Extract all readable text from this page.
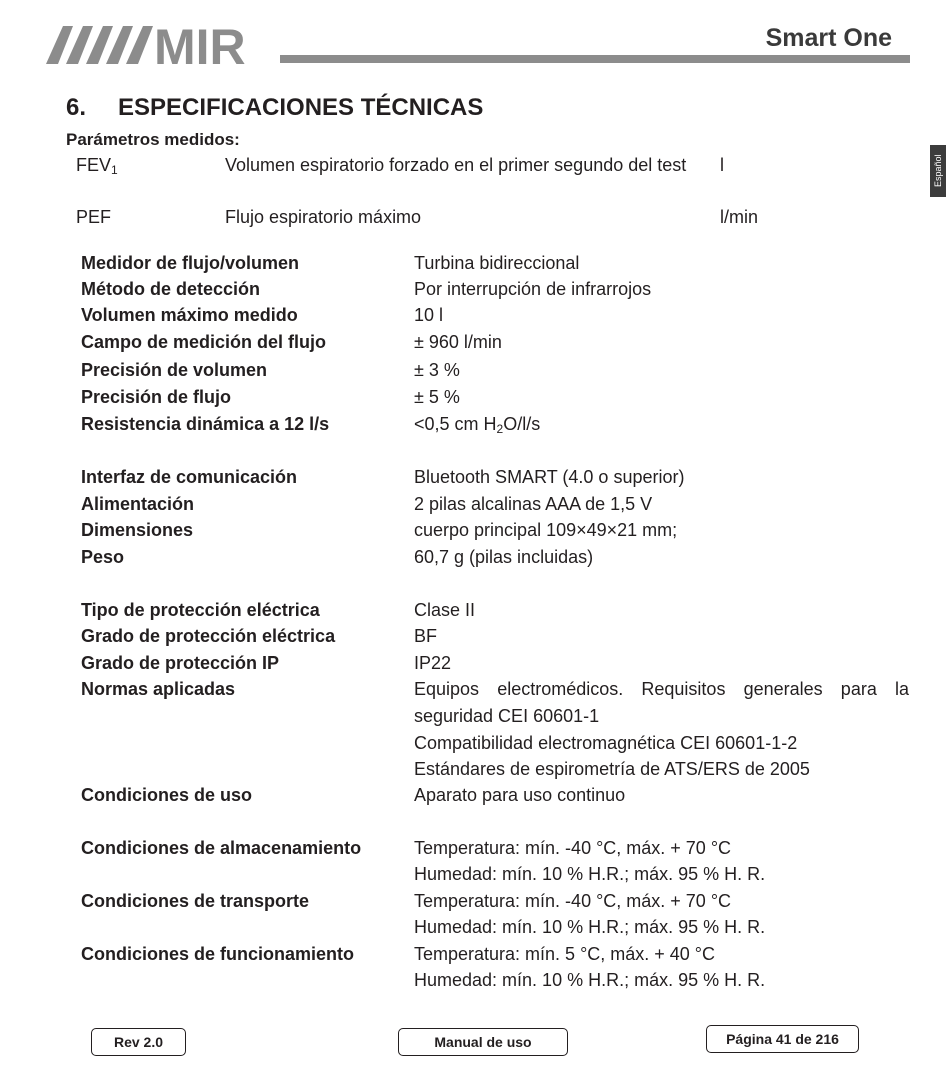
MIR	Smart One
Español
6. ESPECIFICACIONES TÉCNICAS
Parámetros medidos:
$FEV_1$	Volumen espiratorio forzado en el primer segundo del test	l
PEF	Flujo espiratorio máximo	l/min
Medidor de flujo/volumen	Turbina bidireccional
Método de detección	Por interrupción de infrarrojos
Volumen máximo medido	10 l
Campo de medición del flujo	± 960 l/min
Precisión de volumen	± 3 %
Precisión de flujo	± 5 %
Resistencia dinámica a 12 l/s	<0,5 cm $H_2O/l/s$
Interfaz de comunicación	Bluetooth SMART (4.0 o superior)
Alimentación	2 pilas alcalinas AAA de 1,5 V
Dimensiones	cuerpo principal 109×49×21 mm;
Peso	60,7 g (pilas incluidas)
Tipo de protección eléctrica	Clase II
Grado de protección eléctrica	BF
Grado de protección IP	IP22
Normas aplicadas	Equipos electromédicos. Requisitos generales para la seguridad CEI 60601-1
Compatibilidad electromagnética CEI 60601-1-2
Estándares de espirometría de ATS/ERS de 2005
Condiciones de uso	Aparato para uso continuo
Condiciones de almacenamiento	Temperatura: mín. -40 °C, máx. + 70 °C
Humedad: mín. 10 % H.R.; máx. 95 % H. R.
Condiciones de transporte	Temperatura: mín. -40 °C, máx. + 70 °C
Humedad: mín. 10 % H.R.; máx. 95 % H. R.
Condiciones de funcionamiento	Temperatura: mín. 5 °C, máx. + 40 °C
Humedad: mín. 10 % H.R.; máx. 95 % H. R.
Rev 2.0	Manual de uso	Página 41 de 216
